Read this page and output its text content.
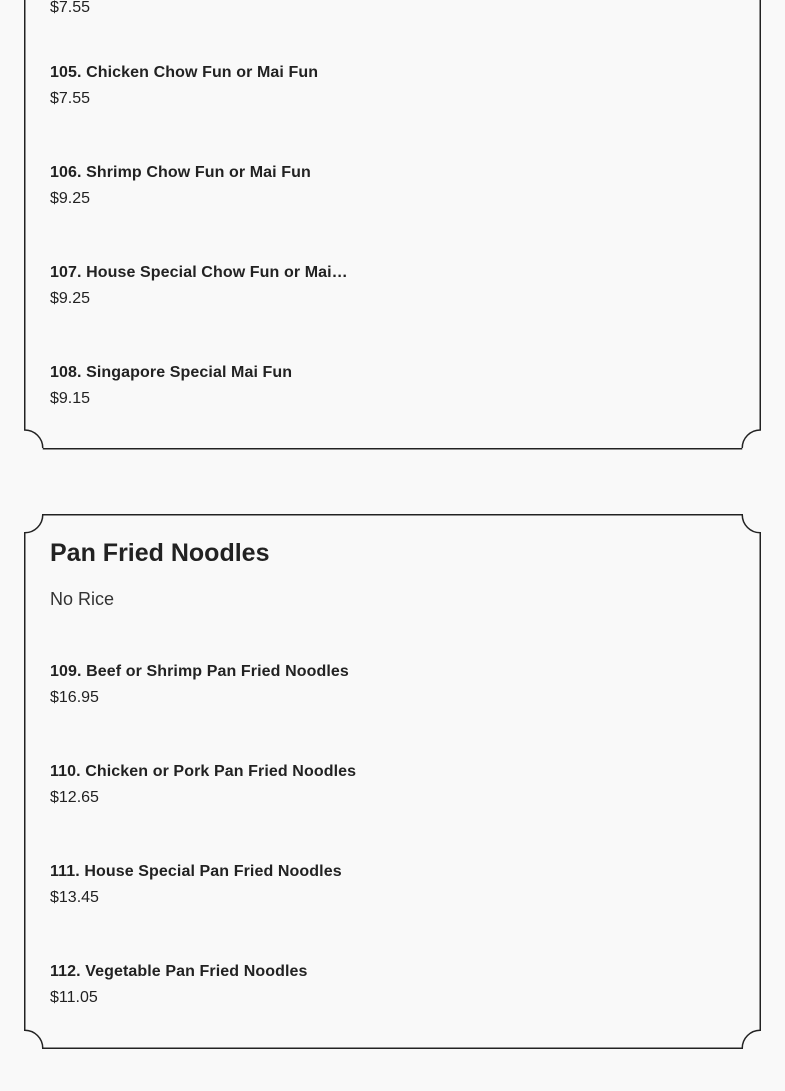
$7.55
105. Chicken Chow Fun or Mai Fun
$7.55
106. Shrimp Chow Fun or Mai Fun
$9.25
107. House Special Chow Fun or Mai…
$9.25
108. Singapore Special Mai Fun
$9.15
Pan Fried Noodles
No Rice
109. Beef or Shrimp Pan Fried Noodles
$16.95
110. Chicken or Pork Pan Fried Noodles
$12.65
111. House Special Pan Fried Noodles
$13.45
112. Vegetable Pan Fried Noodles
$11.05
